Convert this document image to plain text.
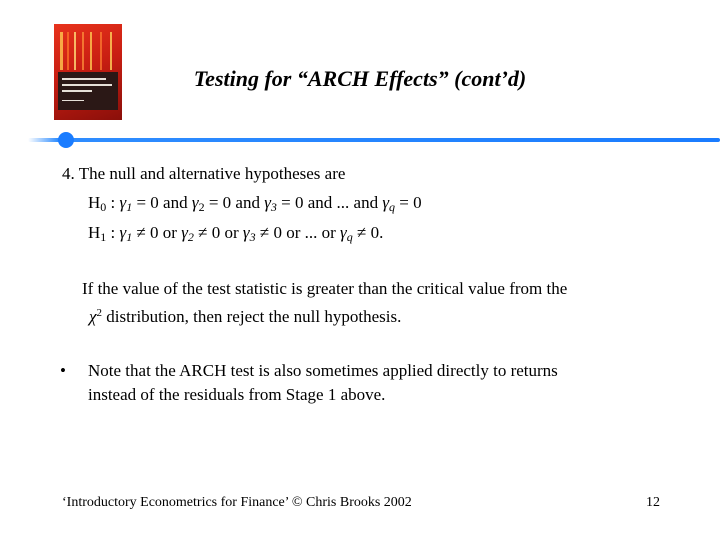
Testing for “ARCH Effects” (cont’d)
4. The null and alternative hypotheses are
$H_0$ : $\gamma_1 = 0$ and $\gamma_2 = 0$ and $\gamma_3 = 0$ and ... and $\gamma_q = 0$
$H_1$ : $\gamma_1 \ne 0$ or $\gamma_2 \ne 0$ or $\gamma_3 \ne 0$ or ... or $\gamma_q \ne 0$.
If the value of the test statistic is greater than the critical value from the
$\chi^2$ distribution, then reject the null hypothesis.
• Note that the ARCH test is also sometimes applied directly to returns
instead of the residuals from Stage 1 above.
‘Introductory Econometrics for Finance’ © Chris Brooks 2002	12
